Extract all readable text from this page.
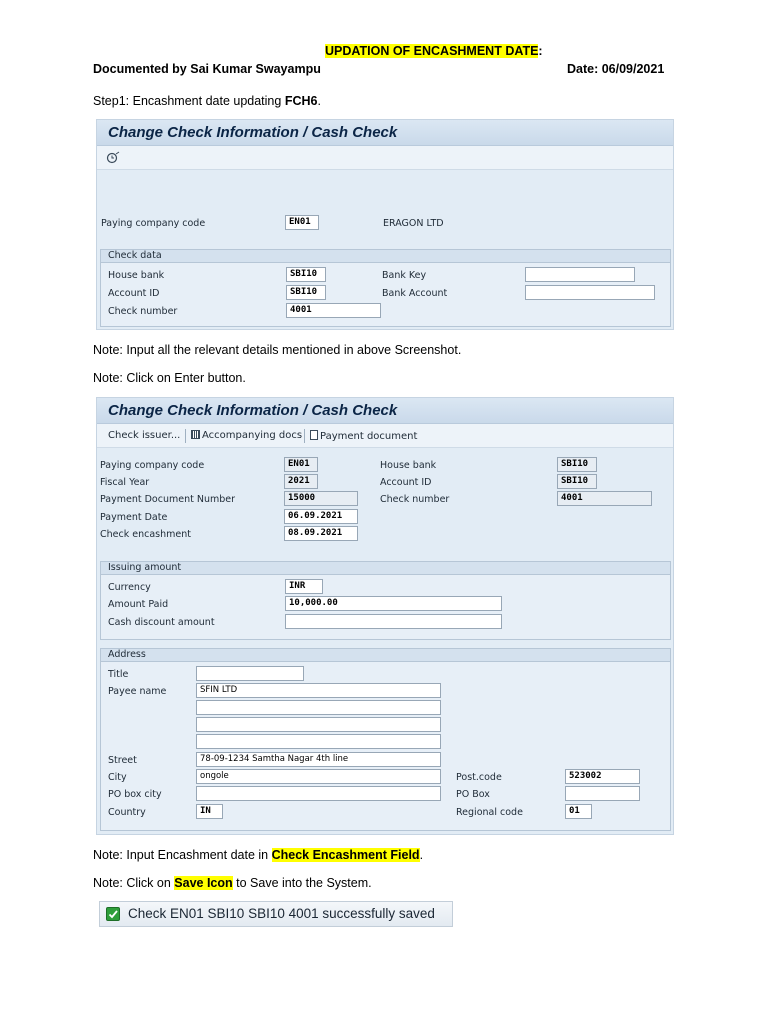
UPDATION OF ENCASHMENT DATE:
Documented by Sai Kumar Swayampu	Date: 06/09/2021
Step1: Encashment date updating FCH6.
Change Check Information / Cash Check
Paying company code	EN01	ERAGON LTD
Check data
House bank	SBI10
Account ID	SBI10
Check number	4001
Bank Key
Bank Account
Note: Input all the relevant details mentioned in above Screenshot.
Note: Click on Enter button.
Change Check Information / Cash Check
Check issuer...	Accompanying docs	Payment document
Paying company code	EN01
Fiscal Year	2021
Payment Document Number	15000
Payment Date	06.09.2021
Check encashment	08.09.2021
House bank	SBI10
Account ID	SBI10
Check number	4001
Issuing amount
Currency	INR
Amount Paid	10,000.00
Cash discount amount
Address
Title
Payee name	SFIN LTD
Street	78-09-1234 Samtha Nagar 4th line
City	ongole
PO box city
Country	IN
Post.code	523002
PO Box
Regional code	01
Note: Input Encashment date in Check Encashment Field.
Note: Click on Save Icon to Save into the System.
Check EN01 SBI10 SBI10 4001 successfully saved
